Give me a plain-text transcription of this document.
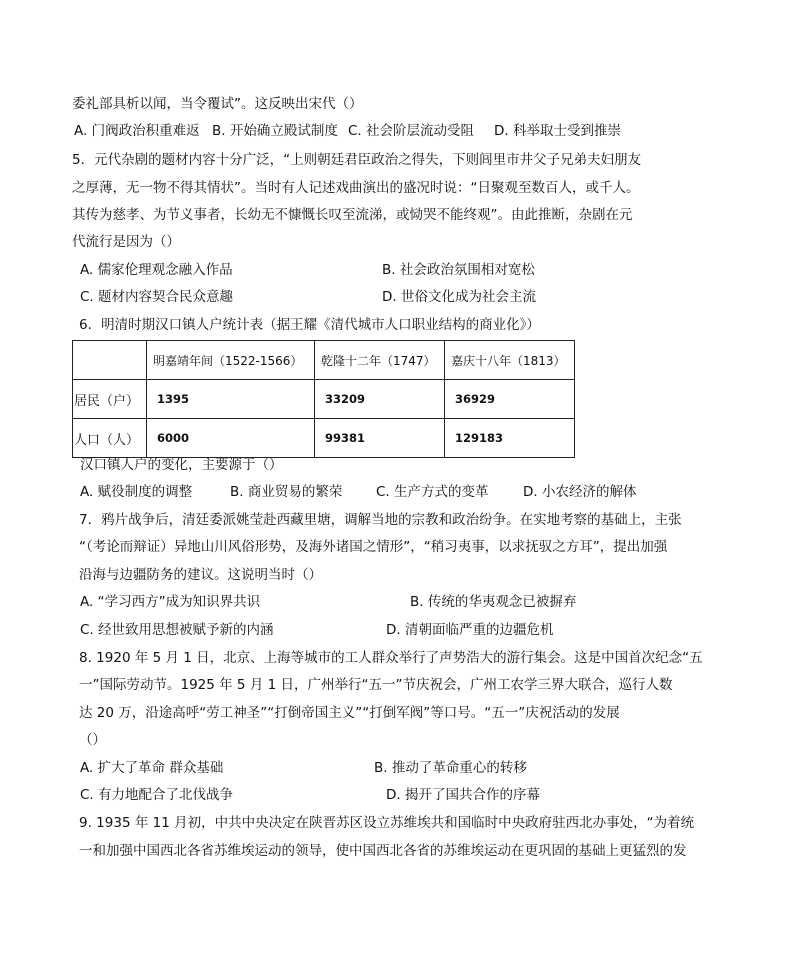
委礼部具析以闻，当令覆试”。这反映出宋代（）
A. 门阀政治积重难返 B. 开始确立殿试制度 C. 社会阶层流动受阻 D. 科举取士受到推崇
5．元代杂剧的题材内容十分广泛，“上则朝廷君臣政治之得失，下则闾里市井父子兄弟夫妇朋友
之厚薄，无一物不得其情状”。当时有人记述戏曲演出的盛况时说：“日聚观至数百人，或千人。
其传为慈孝、为节义事者，长幼无不慷慨长叹至流涕，或恸哭不能终观”。由此推断，杂剧在元
代流行是因为（）
A. 儒家伦理观念融入作品	B. 社会政治氛围相对宽松
C. 题材内容契合民众意趣	D. 世俗文化成为社会主流
6．明清时期汉口镇人户统计表（据王耀《清代城市人口职业结构的商业化》）
	明嘉靖年间（1522-1566）	乾隆十二年（1747）	嘉庆十八年（1813）
居民（户）	1395	33209	36929
人口（人）	6000	99381	129183
汉口镇人户的变化，主要源于（）
A. 赋役制度的调整	B. 商业贸易的繁荣 C. 生产方式的变革	D. 小农经济的解体
7．鸦片战争后，清廷委派姚莹赴西藏里塘，调解当地的宗教和政治纷争。在实地考察的基础上，主张
“（考论而辩证）异地山川风俗形势，及海外诸国之情形”，“稍习夷事，以求抚驭之方耳”，提出加强
沿海与边疆防务的建议。这说明当时（）
A. “学习西方”成为知识界共识	B. 传统的华夷观念已被摒弃
C. 经世致用思想被赋予新的内涵	D. 清朝面临严重的边疆危机
8. 1920 年 5 月 1 日，北京、上海等城市的工人群众举行了声势浩大的游行集会。这是中国首次纪念“五
一”国际劳动节。1925 年 5 月 1 日，广州举行“五一”节庆祝会，广州工农学三界大联合，巡行人数
达 20 万，沿途高呼“劳工神圣”“打倒帝国主义”“打倒军阀”等口号。“五一”庆祝活动的发展
（）
A. 扩大了革命 群众基础	B. 推动了革命重心的转移
C. 有力地配合了北伐战争	D. 揭开了国共合作的序幕
9. 1935 年 11 月初，中共中央决定在陕晋苏区设立苏维埃共和国临时中央政府驻西北办事处，“为着统
一和加强中国西北各省苏维埃运动的领导，使中国西北各省的苏维埃运动在更巩固的基础上更猛烈的发
